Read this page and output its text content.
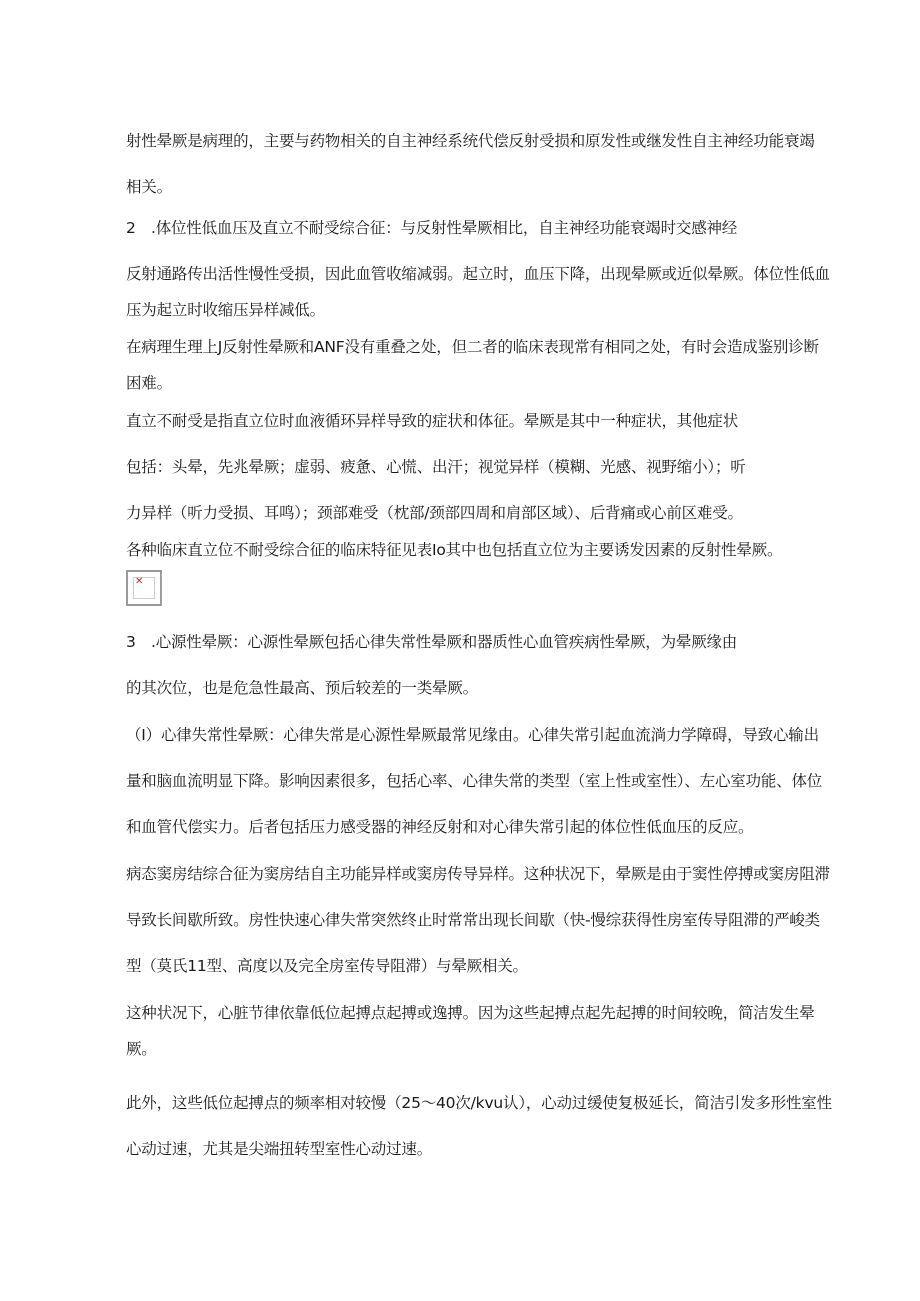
射性晕厥是病理的，主要与药物相关的自主神经系统代偿反射受损和原发性或继发性自主神经功能衰竭
相关。
2　.体位性低血压及直立不耐受综合征：与反射性晕厥相比，自主神经功能衰竭时交感神经
反射通路传出活性慢性受损，因此血管收缩减弱。起立时，血压下降，出现晕厥或近似晕厥。体位性低血
压为起立时收缩压异样减低。
在病理生理上J反射性晕厥和ANF没有重叠之处，但二者的临床表现常有相同之处，有时会造成鉴别诊断
困难。
直立不耐受是指直立位时血液循环异样导致的症状和体征。晕厥是其中一种症状，其他症状
包括：头晕，先兆晕厥；虚弱、疲惫、心慌、出汗；视觉异样（模糊、光感、视野缩小）；听
力异样（听力受损、耳鸣）；颈部难受（枕部/颈部四周和肩部区域）、后背痛或心前区难受。
各种临床直立位不耐受综合征的临床特征见表Io其中也包括直立位为主要诱发因素的反射性晕厥。
✕
3　.心源性晕厥：心源性晕厥包括心律失常性晕厥和器质性心血管疾病性晕厥，为晕厥缘由
的其次位，也是危急性最高、预后较差的一类晕厥。
（I）心律失常性晕厥：心律失常是心源性晕厥最常见缘由。心律失常引起血流淌力学障碍，导致心输出
量和脑血流明显下降。影响因素很多，包括心率、心律失常的类型（室上性或室性）、左心室功能、体位
和血管代偿实力。后者包括压力感受器的神经反射和对心律失常引起的体位性低血压的反应。
病态窦房结综合征为窦房结自主功能异样或窦房传导异样。这种状况下，晕厥是由于窦性停搏或窦房阻滞
导致长间歇所致。房性快速心律失常突然终止时常常出现长间歇（快-慢综获得性房室传导阻滞的严峻类
型（莫氏11型、高度以及完全房室传导阻滞）与晕厥相关。
这种状况下，心脏节律依靠低位起搏点起搏或逸搏。因为这些起搏点起先起搏的时间较晚，简洁发生晕
厥。
此外，这些低位起搏点的频率相对较慢（25〜40次/kvu认），心动过缓使复极延长，简洁引发多形性室性
心动过速，尤其是尖端扭转型室性心动过速。
